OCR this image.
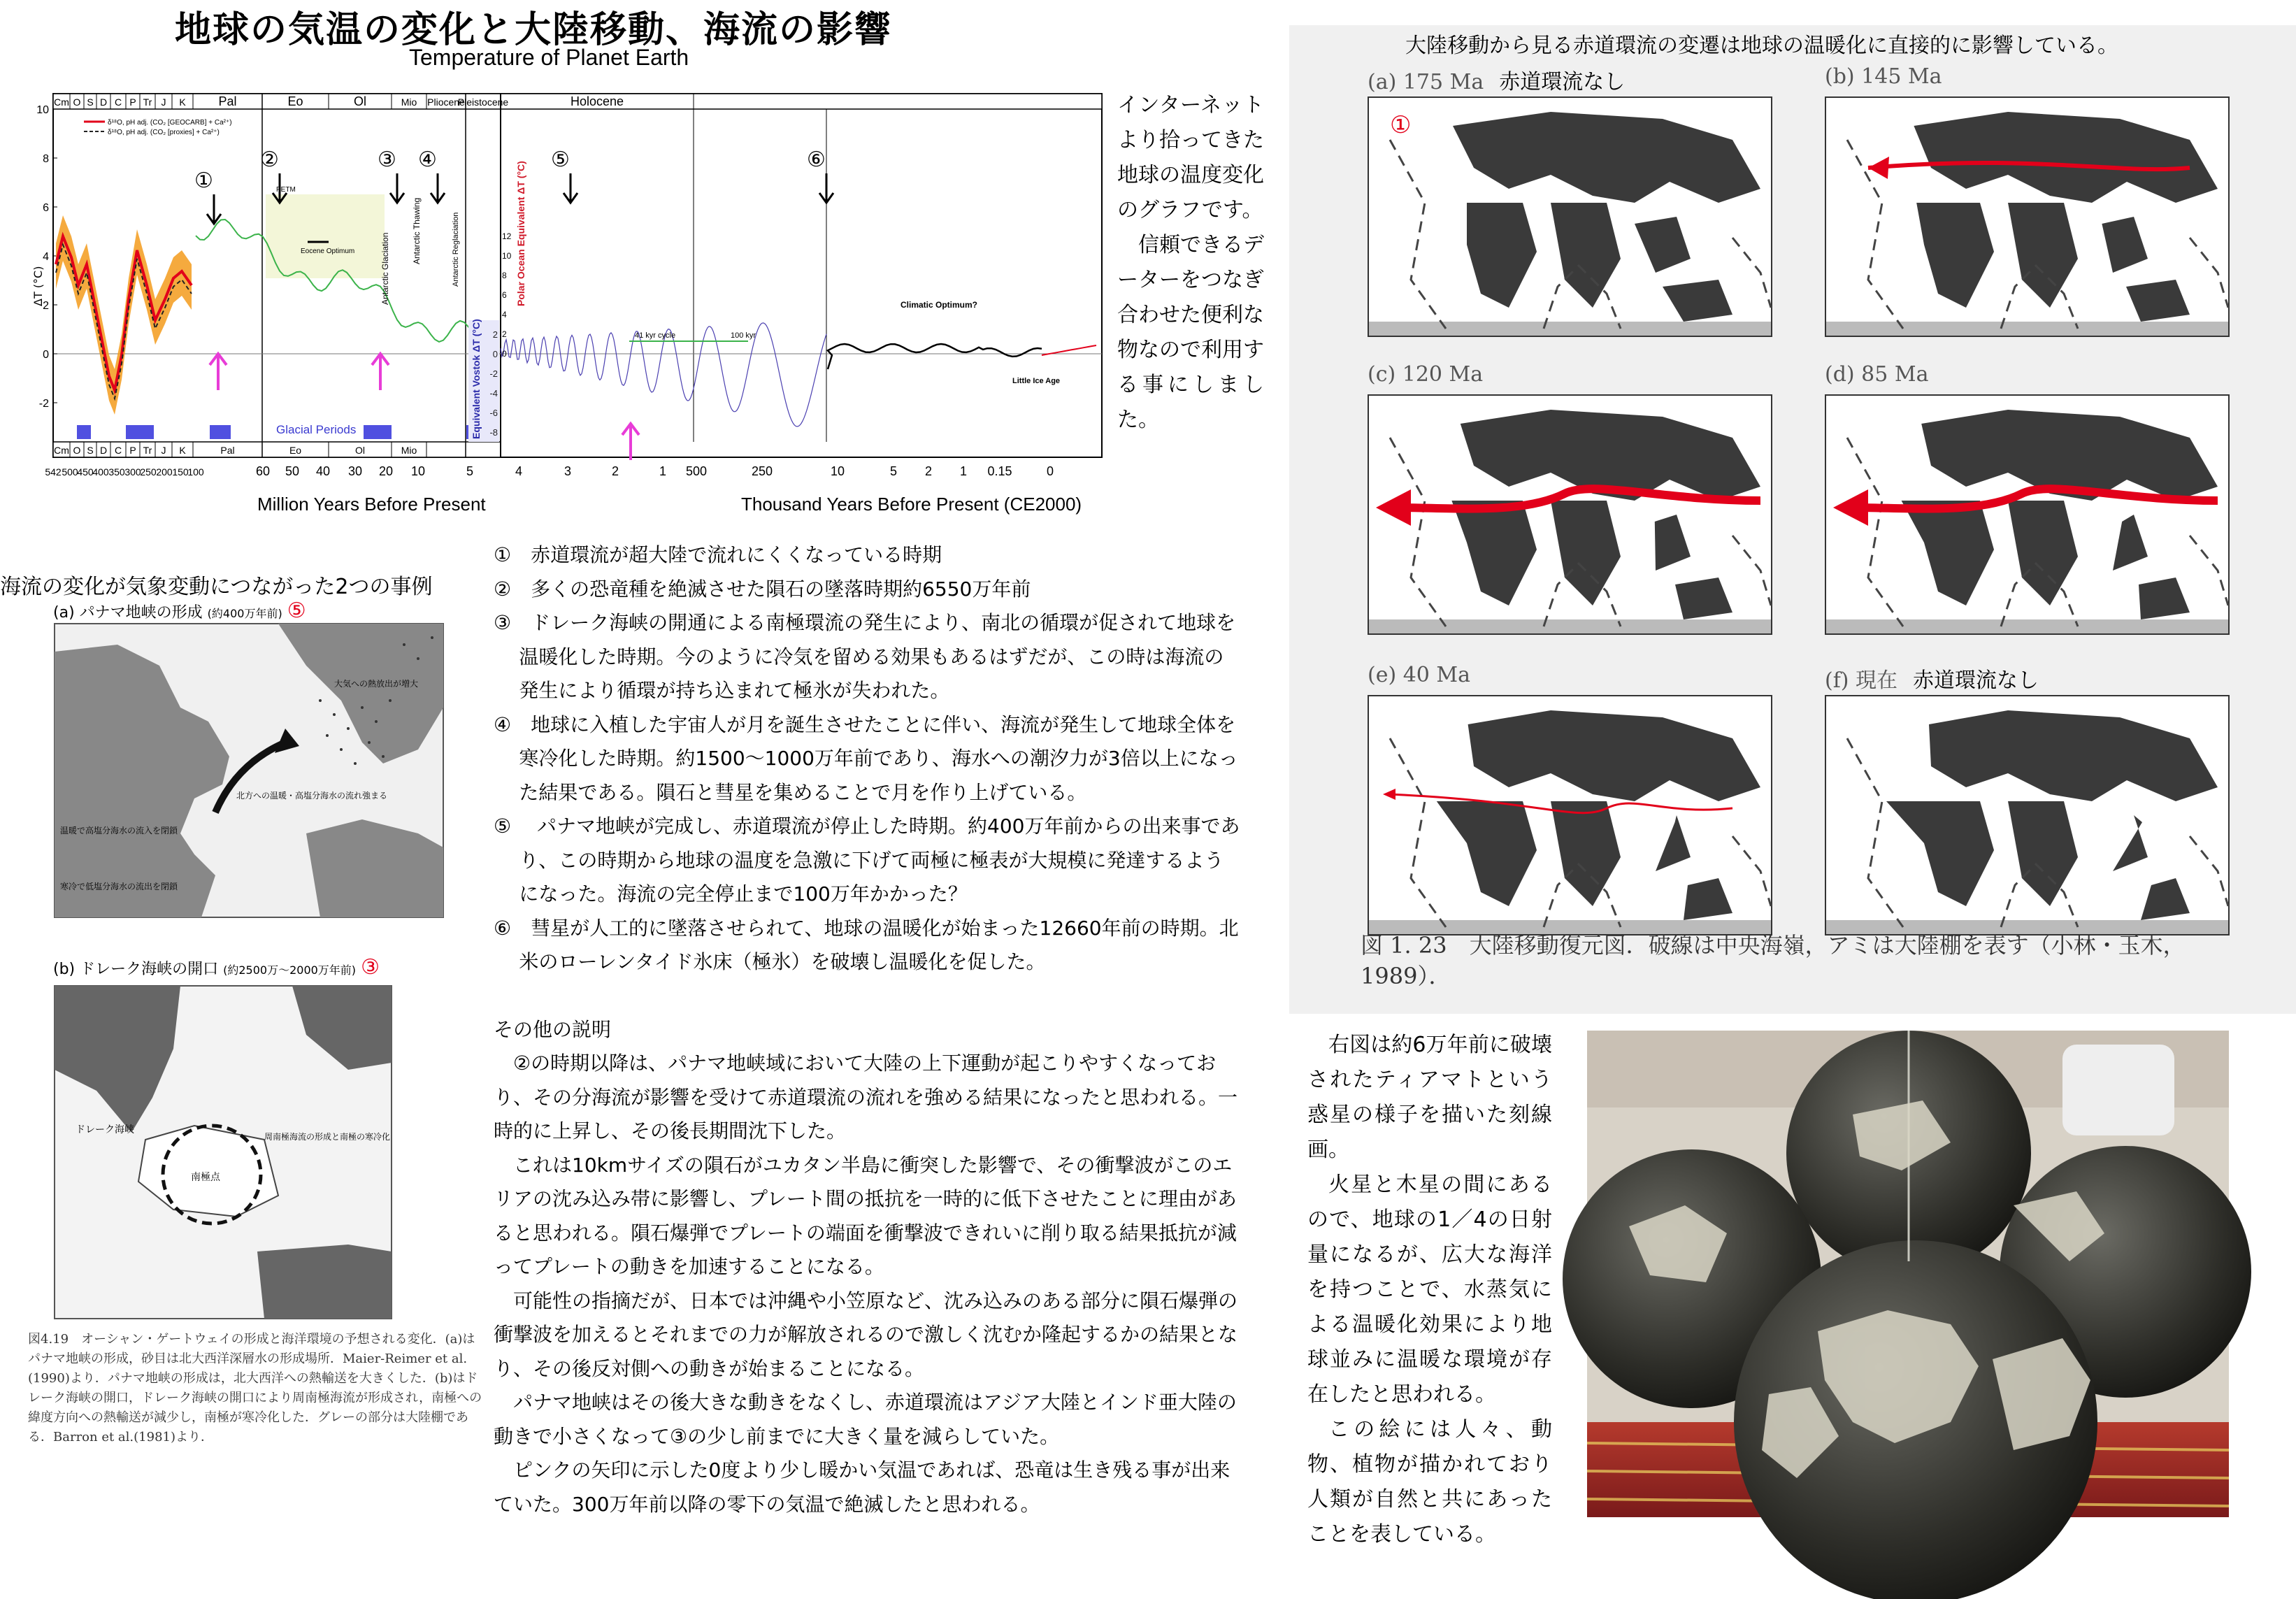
地球の気温の変化と大陸移動、海流の影響
Temperature of Planet Earth
Cm O S D C P Tr J K	Pal	Eo	Ol	Mio Pliocene
Pleistocene	Holocene
Cm O S D C P Tr J K	Pal	Eo	Ol	Mio
10
8
6
4
2
0
-2
ΔT (°C)
Glacial Periods
δ¹⁸O, pH adj. (CO₂ [GEOCARB] + Ca²⁺)
δ¹⁸O, pH adj. (CO₂ [proxies] + Ca²⁺)
PETM
Eocene Optimum	Antarctic Glaciation
Antarctic Thawing	Antarctic Reglaciation
2
0
-2
-4
-6
-8
Equivalent Vostok ΔT (°C)
12
10
8
6
4
2
0
Polar Ocean Equivalent ΔT (°C)
41 kyr cycle	100 kyr
Climatic Optimum?
Little Ice Age
①
②	③ ④	⑤	⑥
542 500
450
400 350 300
250 200 150
100	60 50 40 30 20 10	5	4	3	2	1 500	250	10	5 2 1 0.15	0
Million Years Before Present	Thousand Years Before Present (CE2000)

インターネットより拾ってきた地球の温度変化のグラフです。

信頼できるデーターをつなぎ合わせた便利な物なので利用する事にしました。

海流の変化が気象変動につながった2つの事例
(a) パナマ地峡の形成 (約400万年前) ⑤
大気への熱放出が増大
北方への温暖・高塩分海水の流れ強まる
温暖で高塩分海水の流入を閉鎖
寒冷で低塩分海水の流出を閉鎖
(b) ドレーク海峡の開口 (約2500万〜2000万年前) ③
ドレーク海峡
南極点
周南極海流の形成と南極の寒冷化
図4.19　オーシャン・ゲートウェイの形成と海洋環境の予想される変化．(a)はパナマ地峡の形成，砂目は北大西洋深層水の形成場所．Maier-Reimer et al.(1990)より．パナマ地峡の形成は，北大西洋への熱輸送を大きくした．(b)はドレーク海峡の開口，ドレーク海峡の開口により周南極海流が形成され，南極への緯度方向への熱輸送が減少し，南極が寒冷化した．グレーの部分は大陸棚である．Barron et al.(1981)より．

①　赤道環流が超大陸で流れにくくなっている時期

②　多くの恐竜種を絶滅させた隕石の墜落時期約6550万年前

③　ドレーク海峡の開通による南極環流の発生により、南北の循環が促されて地球を温暖化した時期。今のように冷気を留める効果もあるはずだが、この時は海流の発生により循環が持ち込まれて極氷が失われた。

④　地球に入植した宇宙人が月を誕生させたことに伴い、海流が発生して地球全体を寒冷化した時期。約1500〜1000万年前であり、海水への潮汐力が3倍以上になった結果である。隕石と彗星を集めることで月を作り上げている。

⑤　 パナマ地峡が完成し、赤道環流が停止した時期。約400万年前からの出来事であり、この時期から地球の温度を急激に下げて両極に極表が大規模に発達するようになった。海流の完全停止まで100万年かかった？

⑥　彗星が人工的に墜落させられて、地球の温暖化が始まった12660年前の時期。北米のローレンタイド氷床（極氷）を破壊し温暖化を促した。

その他の説明

②の時期以降は、パナマ地峡域において大陸の上下運動が起こりやすくなっており、その分海流が影響を受けて赤道環流の流れを強める結果になったと思われる。一時的に上昇し、その後長期間沈下した。

これは10kmサイズの隕石がユカタン半島に衝突した影響で、その衝撃波がこのエリアの沈み込み帯に影響し、プレート間の抵抗を一時的に低下させたことに理由があると思われる。隕石爆弾でプレートの端面を衝撃波できれいに削り取る結果抵抗が減ってプレートの動きを加速することになる。

可能性の指摘だが、日本では沖縄や小笠原など、沈み込みのある部分に隕石爆弾の衝撃波を加えるとそれまでの力が解放されるので激しく沈むか隆起するかの結果となり、その後反対側への動きが始まることになる。

パナマ地峡はその後大きな動きをなくし、赤道環流はアジア大陸とインド亜大陸の動きで小さくなって③の少し前までに大きく量を減らしていた。

ピンクの矢印に示した0度より少し暖かい気温であれば、恐竜は生き残る事が出来ていた。300万年前以降の零下の気温で絶滅したと思われる。

大陸移動から見る赤道環流の変遷は地球の温暖化に直接的に影響している。
(a) 175 Ma 赤道環流なし
①
(b) 145 Ma
(c) 120 Ma	(d) 85 Ma
(e) 40 Ma	(f) 現在 赤道環流なし
図 1. 23　大陸移動復元図．破線は中央海嶺，アミは大陸棚を表す（小林・玉木，1989）．

右図は約6万年前に破壊されたティアマトという惑星の様子を描いた刻線画。

火星と木星の間にあるので、地球の1／4の日射量になるが、広大な海洋を持つことで、水蒸気による温暖化効果により地球並みに温暖な環境が存在したと思われる。

この絵には人々、動物、植物が描かれており人類が自然と共にあったことを表している。
